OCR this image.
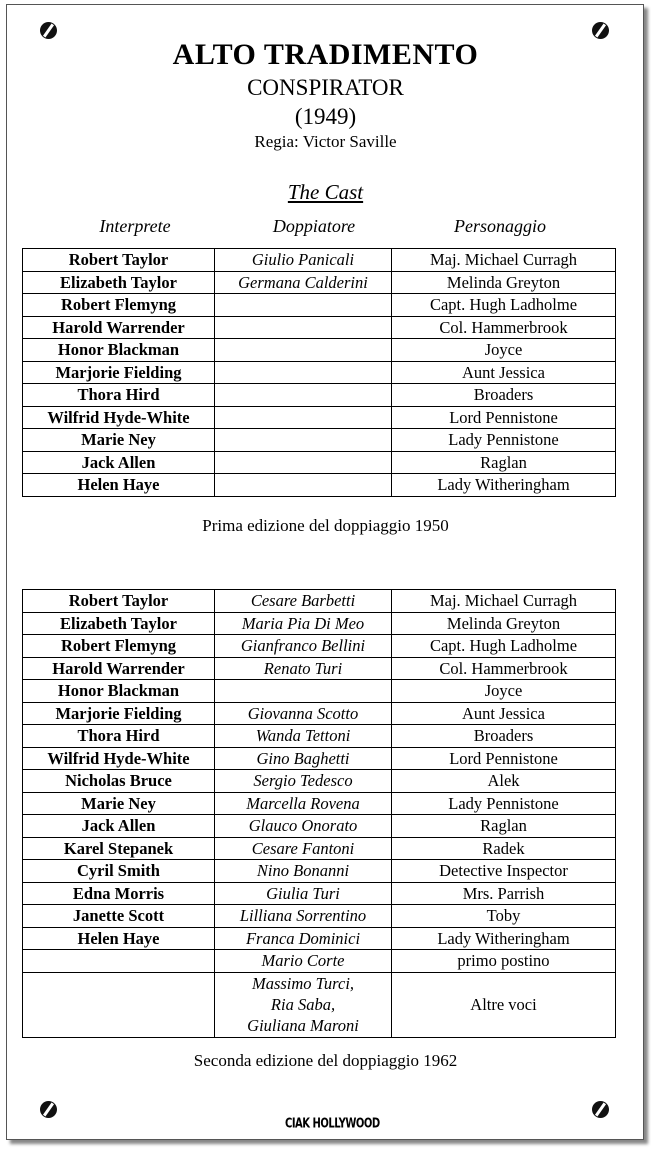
ALTO TRADIMENTO
CONSPIRATOR
(1949)
Regia: Victor Saville
The Cast
Interprete	Doppiatore	Personaggio
Robert Taylor	Giulio Panicali	Maj. Michael Curragh
Elizabeth Taylor	Germana Calderini	Melinda Greyton
Robert Flemyng		Capt. Hugh Ladholme
Harold Warrender		Col. Hammerbrook
Honor Blackman		Joyce
Marjorie Fielding		Aunt Jessica
Thora Hird		Broaders
Wilfrid Hyde-White		Lord Pennistone
Marie Ney		Lady Pennistone
Jack Allen		Raglan
Helen Haye		Lady Witheringham
Prima edizione del doppiaggio 1950
Robert Taylor	Cesare Barbetti	Maj. Michael Curragh
Elizabeth Taylor	Maria Pia Di Meo	Melinda Greyton
Robert Flemyng	Gianfranco Bellini	Capt. Hugh Ladholme
Harold Warrender	Renato Turi	Col. Hammerbrook
Honor Blackman		Joyce
Marjorie Fielding	Giovanna Scotto	Aunt Jessica
Thora Hird	Wanda Tettoni	Broaders
Wilfrid Hyde-White	Gino Baghetti	Lord Pennistone
Nicholas Bruce	Sergio Tedesco	Alek
Marie Ney	Marcella Rovena	Lady Pennistone
Jack Allen	Glauco Onorato	Raglan
Karel Stepanek	Cesare Fantoni	Radek
Cyril Smith	Nino Bonanni	Detective Inspector
Edna Morris	Giulia Turi	Mrs. Parrish
Janette Scott	Lilliana Sorrentino	Toby
Helen Haye	Franca Dominici	Lady Witheringham
	Mario Corte	primo postino

	Massimo Turci,
Ria Saba,
Giuliana Maroni	Altre voci
Seconda edizione del doppiaggio 1962
CIAK HOLLYWOOD
